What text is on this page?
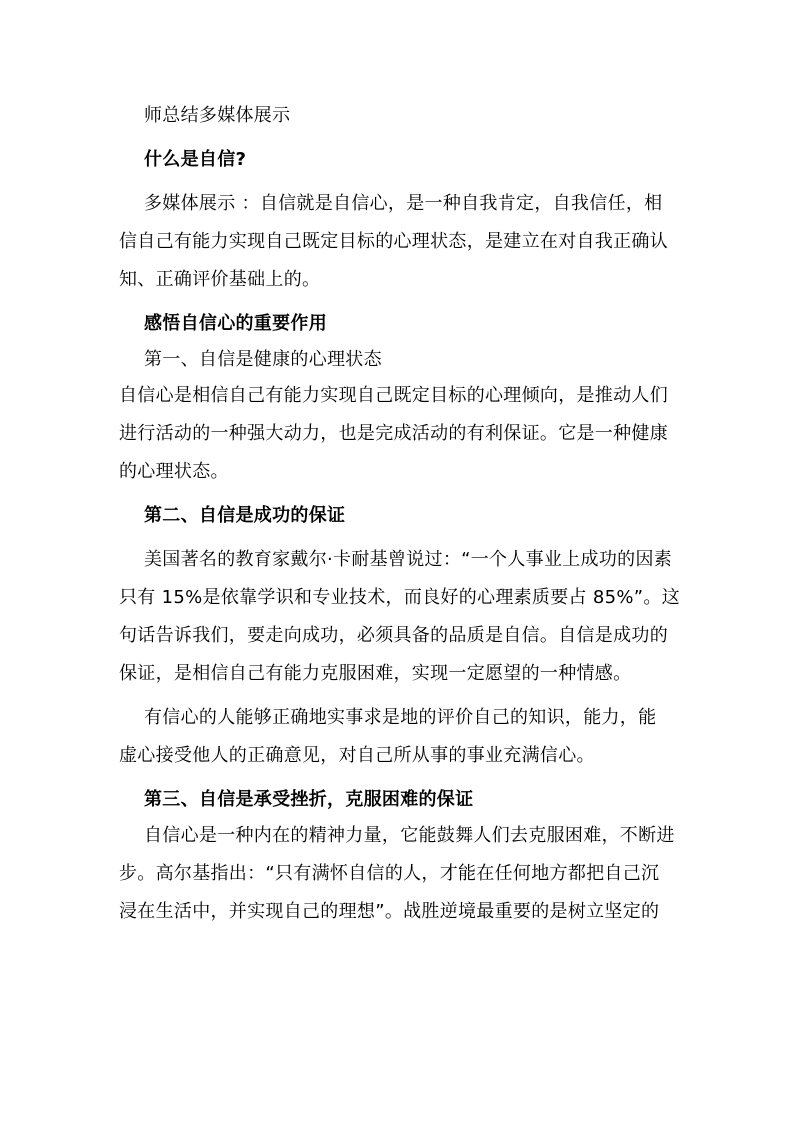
师总结多媒体展示

什么是自信?

多媒体展示 ：自信就是自信心，是一种自我肯定，自我信任，相

信自己有能力实现自己既定目标的心理状态，是建立在对自我正确认

知、正确评价基础上的。

感悟自信心的重要作用

第一、自信是健康的心理状态

自信心是相信自己有能力实现自己既定目标的心理倾向，是推动人们

进行活动的一种强大动力，也是完成活动的有利保证。它是一种健康

的心理状态。

第二、自信是成功的保证

美国著名的教育家戴尔·卡耐基曾说过：“一个人事业上成功的因素

只有 15%是依靠学识和专业技术，而良好的心理素质要占 85%”。这

句话告诉我们，要走向成功，必须具备的品质是自信。自信是成功的

保证，是相信自己有能力克服困难，实现一定愿望的一种情感。

有信心的人能够正确地实事求是地的评价自己的知识，能力，能

虚心接受他人的正确意见，对自己所从事的事业充满信心。

第三、自信是承受挫折，克服困难的保证

自信心是一种内在的精神力量，它能鼓舞人们去克服困难，不断进

步。高尔基指出：“只有满怀自信的人，才能在任何地方都把自己沉

浸在生活中，并实现自己的理想”。战胜逆境最重要的是树立坚定的
